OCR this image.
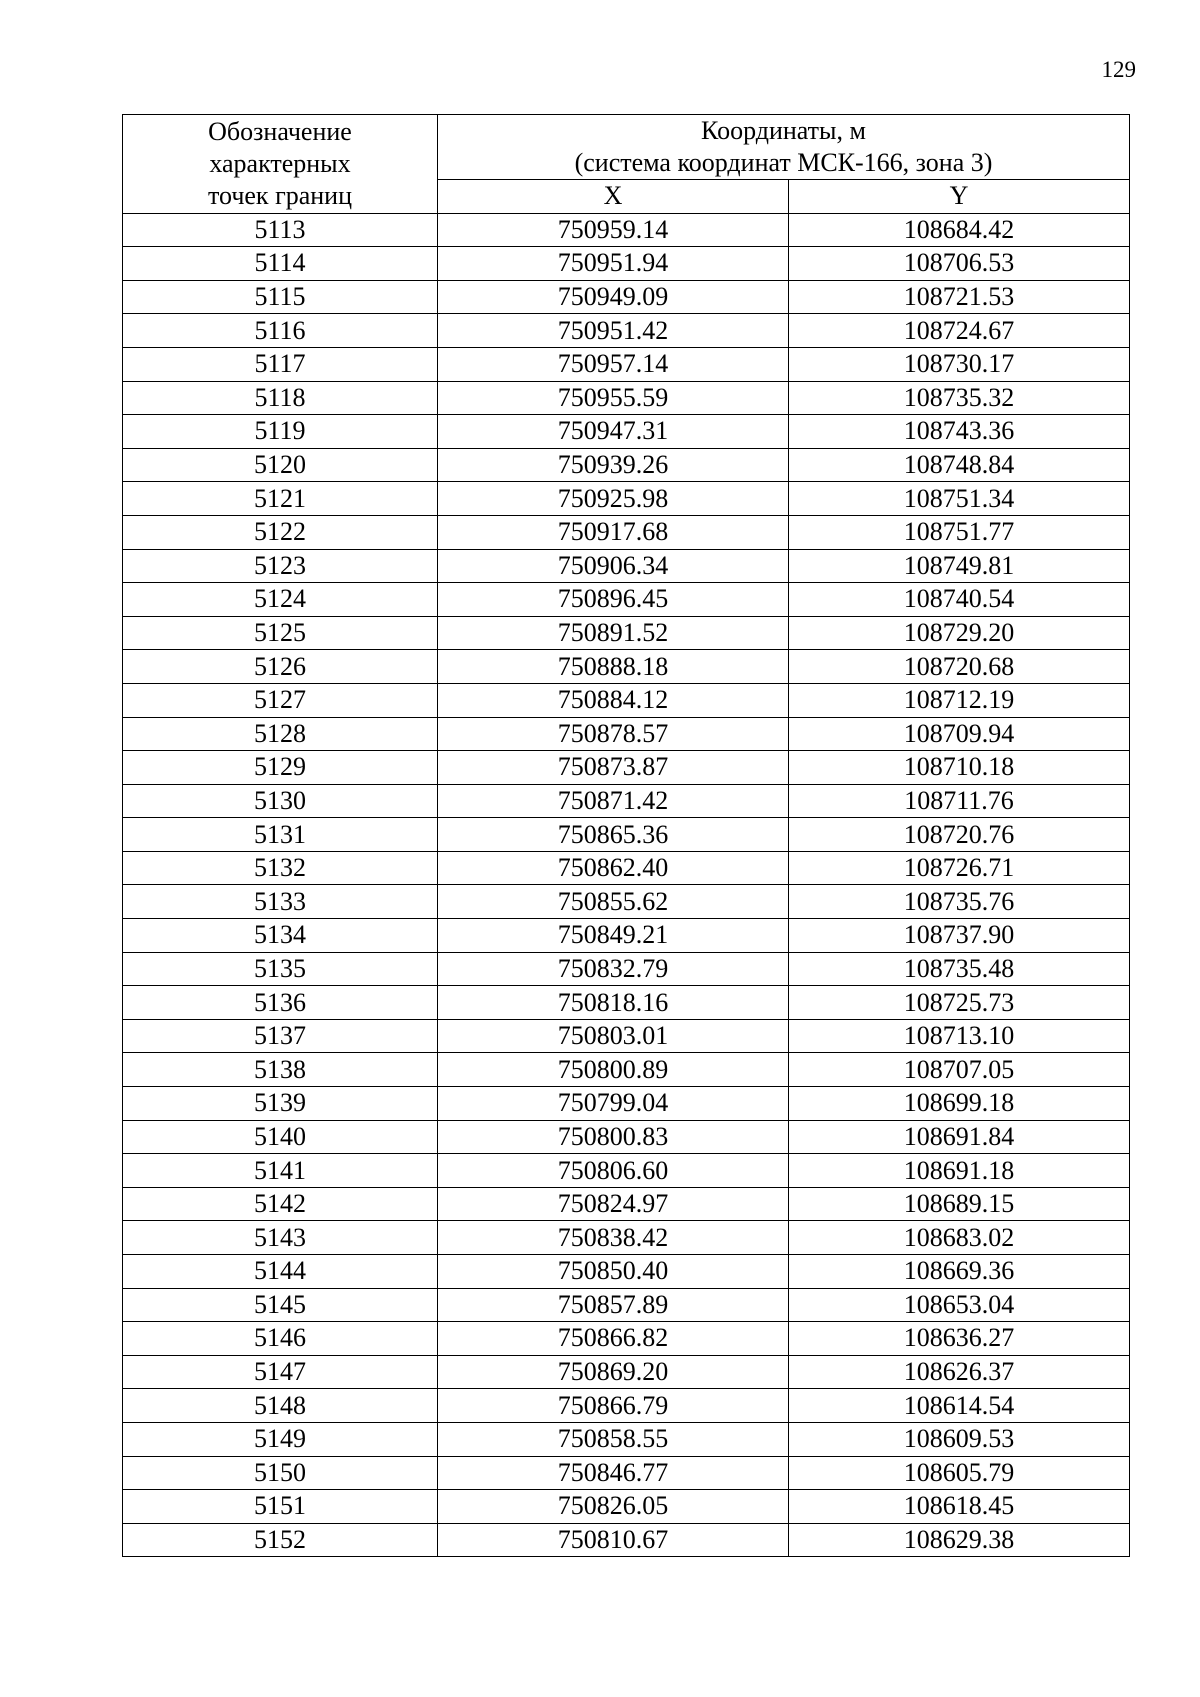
129
Обозначение
характерных
точек границ	Координаты, м
(система координат МСК-166, зона 3)	

	X	Y
5113	750959.14	108684.42
5114	750951.94	108706.53
5115	750949.09	108721.53
5116	750951.42	108724.67
5117	750957.14	108730.17
5118	750955.59	108735.32
5119	750947.31	108743.36
5120	750939.26	108748.84
5121	750925.98	108751.34
5122	750917.68	108751.77
5123	750906.34	108749.81
5124	750896.45	108740.54
5125	750891.52	108729.20
5126	750888.18	108720.68
5127	750884.12	108712.19
5128	750878.57	108709.94
5129	750873.87	108710.18
5130	750871.42	108711.76
5131	750865.36	108720.76
5132	750862.40	108726.71
5133	750855.62	108735.76
5134	750849.21	108737.90
5135	750832.79	108735.48
5136	750818.16	108725.73
5137	750803.01	108713.10
5138	750800.89	108707.05
5139	750799.04	108699.18
5140	750800.83	108691.84
5141	750806.60	108691.18
5142	750824.97	108689.15
5143	750838.42	108683.02
5144	750850.40	108669.36
5145	750857.89	108653.04
5146	750866.82	108636.27
5147	750869.20	108626.37
5148	750866.79	108614.54
5149	750858.55	108609.53
5150	750846.77	108605.79
5151	750826.05	108618.45
5152	750810.67	108629.38
